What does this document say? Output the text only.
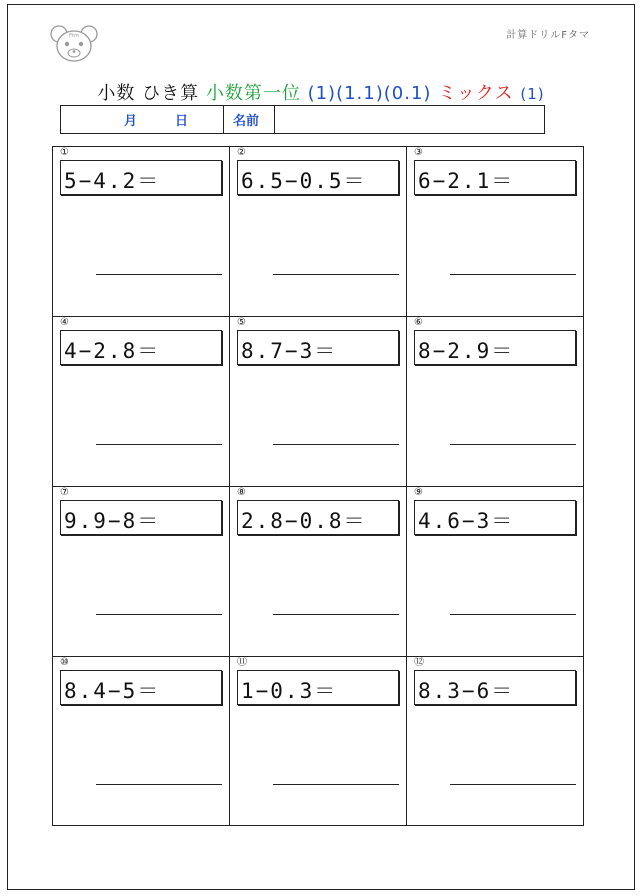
Ftm	計算ドリルFタマ
小数 ひき算 小数第一位 (1)(1.1)(0.1) ミックス (1)
月	日	名前
①
5−4.2＝
②
6.5−0.5＝
③
6−2.1＝
④
4−2.8＝
⑤
8.7−3＝
⑥
8−2.9＝
⑦
9.9−8＝
⑧
2.8−0.8＝
⑨
4.6−3＝
⑩
8.4−5＝
⑪
1−0.3＝
⑫
8.3−6＝
